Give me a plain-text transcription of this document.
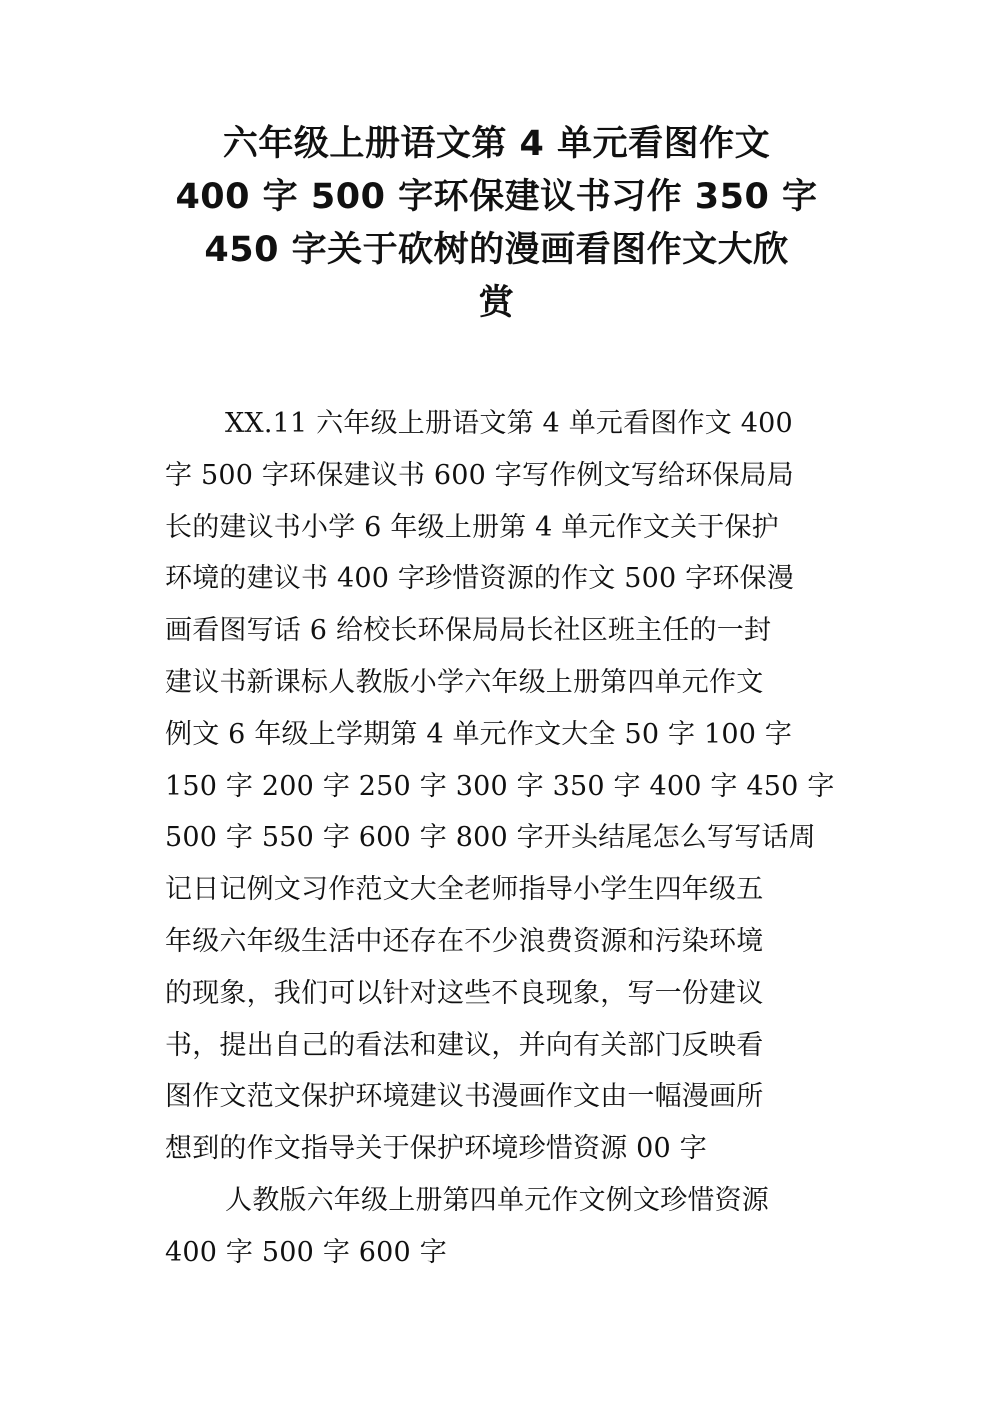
六年级上册语文第 4 单元看图作文
400 字 500 字环保建议书习作 350 字
450 字关于砍树的漫画看图作文大欣
赏
XX.11 六年级上册语文第 4 单元看图作文 400
字 500 字环保建议书 600 字写作例文写给环保局局
长的建议书小学 6 年级上册第 4 单元作文关于保护
环境的建议书 400 字珍惜资源的作文 500 字环保漫
画看图写话 6 给校长环保局局长社区班主任的一封
建议书新课标人教版小学六年级上册第四单元作文
例文 6 年级上学期第 4 单元作文大全 50 字 100 字
150 字 200 字 250 字 300 字 350 字 400 字 450 字
500 字 550 字 600 字 800 字开头结尾怎么写写话周
记日记例文习作范文大全老师指导小学生四年级五
年级六年级生活中还存在不少浪费资源和污染环境
的现象，我们可以针对这些不良现象，写一份建议
书，提出自己的看法和建议，并向有关部门反映看
图作文范文保护环境建议书漫画作文由一幅漫画所
想到的作文指导关于保护环境珍惜资源 00 字
人教版六年级上册第四单元作文例文珍惜资源
400 字 500 字 600 字
